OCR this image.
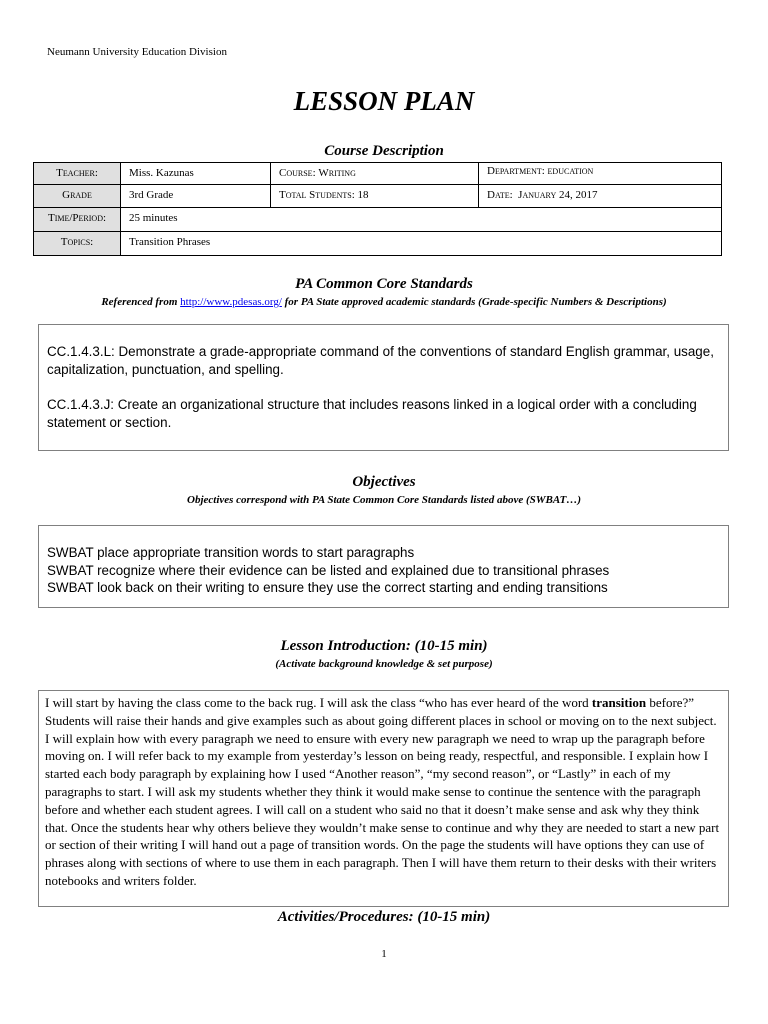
Neumann University Education Division
LESSON PLAN
Course Description
Teacher:	Miss. Kazunas	Course: Writing	Department: education
Grade	3rd Grade	Total Students: 18	Date: January 24, 2017
Time/Period:	25 minutes
Topics:	Transition Phrases
PA Common Core Standards
Referenced from http://www.pdesas.org/ for PA State approved academic standards (Grade-specific Numbers & Descriptions)

CC.1.4.3.L: Demonstrate a grade-appropriate command of the conventions of standard English grammar, usage, capitalization, punctuation, and spelling.

CC.1.4.3.J: Create an organizational structure that includes reasons linked in a logical order with a concluding statement or section.

Objectives
Objectives correspond with PA State Common Core Standards listed above (SWBAT…)
SWBAT place appropriate transition words to start paragraphs
SWBAT recognize where their evidence can be listed and explained due to transitional phrases
SWBAT look back on their writing to ensure they use the correct starting and ending transitions
Lesson Introduction: (10-15 min)
(Activate background knowledge & set purpose)
I will start by having the class come to the back rug. I will ask the class “who has ever heard of the word transition before?” Students will raise their hands and give examples such as about going different places in school or moving on to the next subject. I will explain how with every paragraph we need to ensure with every new paragraph we need to wrap up the paragraph before moving on. I will refer back to my example from yesterday’s lesson on being ready, respectful, and responsible. I explain how I started each body paragraph by explaining how I used “Another reason”, “my second reason”, or “Lastly” in each of my paragraphs to start. I will ask my students whether they think it would make sense to continue the sentence with the paragraph before and whether each student agrees. I will call on a student who said no that it doesn’t make sense and ask why they think that. Once the students hear why others believe they wouldn’t make sense to continue and why they are needed to start a new part or section of their writing I will hand out a page of transition words. On the page the students will have options they can use of phrases along with sections of where to use them in each paragraph. Then I will have them return to their desks with their writers notebooks and writers folder.
Activities/Procedures: (10-15 min)
1
